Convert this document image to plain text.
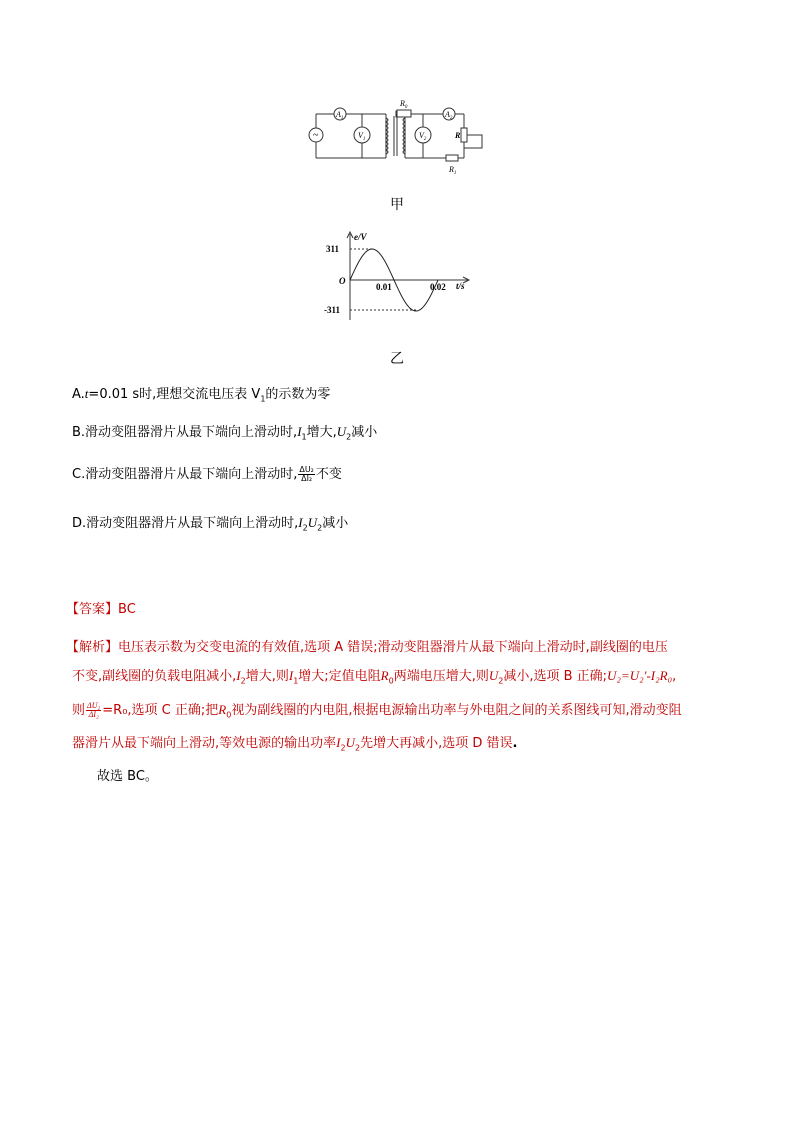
~
$A_1$
$V_1$
$R_0$
$A_2$
$V_2$	R
$R_1$
甲
e/V
311
-311
O
0.01	0.02 t/s
乙
A.t=0.01 s时,理想交流电压表 $V_1$的示数为零
B.滑动变阻器滑片从最下端向上滑动时$,I_1$增大$,U_2$减小
C.滑动变阻器滑片从最下端向上滑动时, $\frac{\text{ΔU₂}}{\text{ΔI₂}}$ 不变
D.滑动变阻器滑片从最下端向上滑动时$,I_2U_2$减小
【答案】BC
【解析】电压表示数为交变电流的有效值,选项 A 错误;滑动变阻器滑片从最下端向上滑动时,副线圈的电压
不变,副线圈的负载电阻减小$,I_2$增大,则$I_1$增大;定值电阻$R_0$两端电压增大,则$U_2$减小,选项 B 正确;U₂=U₂′-I₂R₀,
则 $\frac{\text{ΔU₂}}{\text{ΔI₂}} =R_0$,选项 C 正确;把$R_0$视为副线圈的内电阻,根据电源输出功率与外电阻之间的关系图线可知,滑动变阻
器滑片从最下端向上滑动,等效电源的输出功率$I_2U_2$先增大再减小,选项 D 错误.
故选 BC。
